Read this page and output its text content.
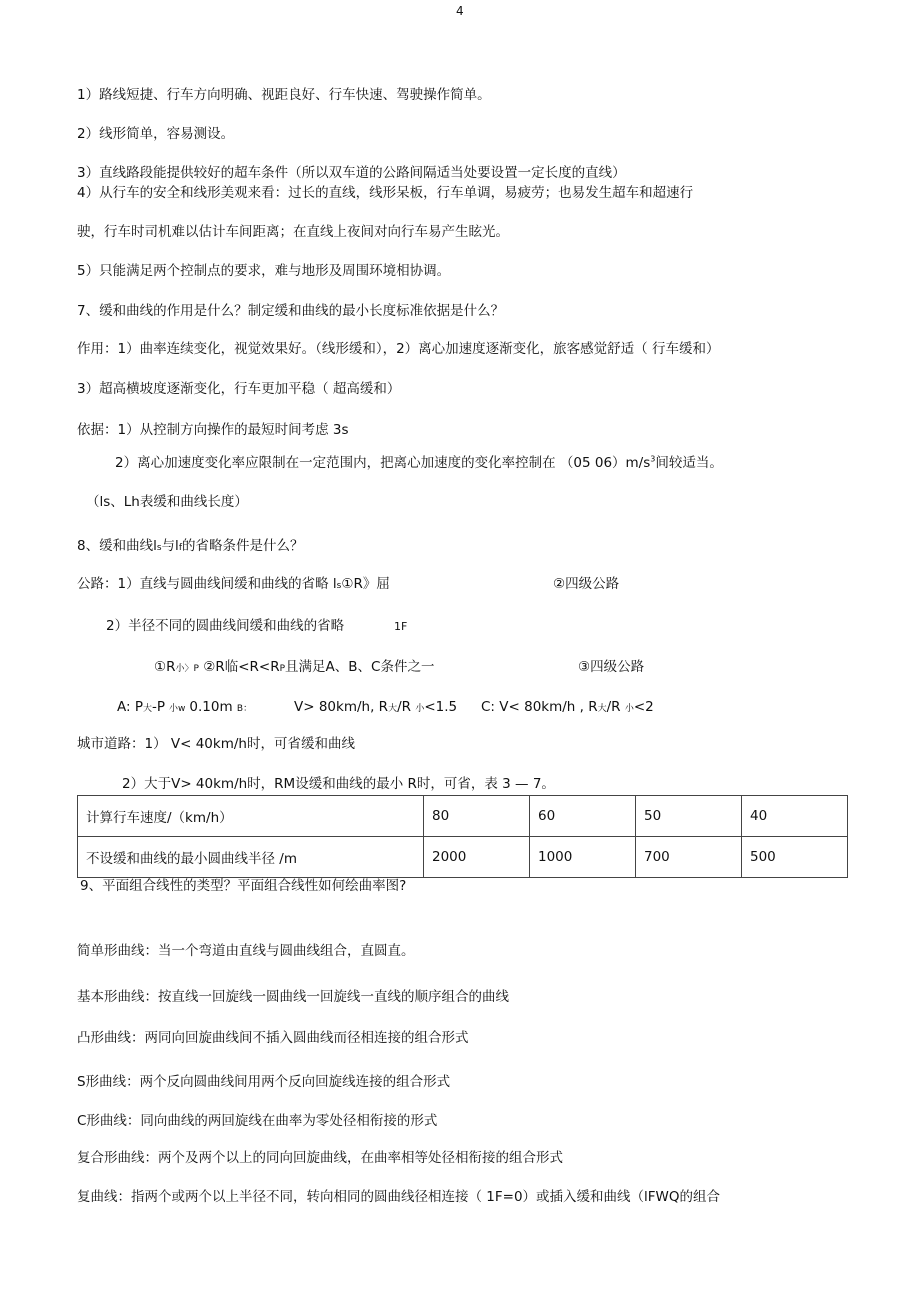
4
1）路线短捷、行车方向明确、视距良好、行车快速、驾驶操作简单。
2）线形简单，容易测设。
3）直线路段能提供较好的超车条件（所以双车道的公路间隔适当处要设置一定长度的直线）
4）从行车的安全和线形美观来看：过长的直线，线形呆板，行车单调，易疲劳；也易发生超车和超速行
驶，行车时司机难以估计车间距离；在直线上夜间对向行车易产生眩光。
5）只能满足两个控制点的要求，难与地形及周围环境相协调。
7、缓和曲线的作用是什么？制定缓和曲线的最小长度标准依据是什么？
作用：1）曲率连续变化，视觉效果好。（线形缓和），2）离心加速度逐渐变化，旅客感觉舒适（ 行车缓和）
3）超高横坡度逐渐变化，行车更加平稳（ 超高缓和）
依据：1）从控制方向操作的最短时间考虑 3s
2）离心加速度变化率应限制在一定范围内，把离心加速度的变化率控制在 （05 $06)m/s^3$间较适当。
（ls、Lh表缓和曲线长度）
8、缓和曲线ls与lf的省略条件是什么？
公路：1）直线与圆曲线间缓和曲线的省略 ls①R》屈	②四级公路
2）半径不同的圆曲线间缓和曲线的省略	1F
①R小〉P ②R临<R<RP且满足A、B、C条件之一	③四级公路
A: P大-P 小w 0.10m B：	V> 80km/h, R大/R 小<1.5 C: V< 80km/h , R大/R 小<2
城市道路：1） V< 40km/h时，可省缓和曲线
2）大于V> 40km/h时，RM设缓和曲线的最小 R时，可省，表 3 — 7。
计算行车速度/（km/h）	80	60	50	40
不设缓和曲线的最小圆曲线半径 /m	2000	1000	700	500
9、平面组合线性的类型？平面组合线性如何绘曲率图?
简单形曲线：当一个弯道由直线与圆曲线组合，直圆直。
基本形曲线：按直线一回旋线一圆曲线一回旋线一直线的顺序组合的曲线
凸形曲线：两同向回旋曲线间不插入圆曲线而径相连接的组合形式
S形曲线：两个反向圆曲线间用两个反向回旋线连接的组合形式
C形曲线：同向曲线的两回旋线在曲率为零处径相衔接的形式
复合形曲线：两个及两个以上的同向回旋曲线，在曲率相等处径相衔接的组合形式
复曲线：指两个或两个以上半径不同，转向相同的圆曲线径相连接（ 1F=0）或插入缓和曲线（lFWQ的组合
